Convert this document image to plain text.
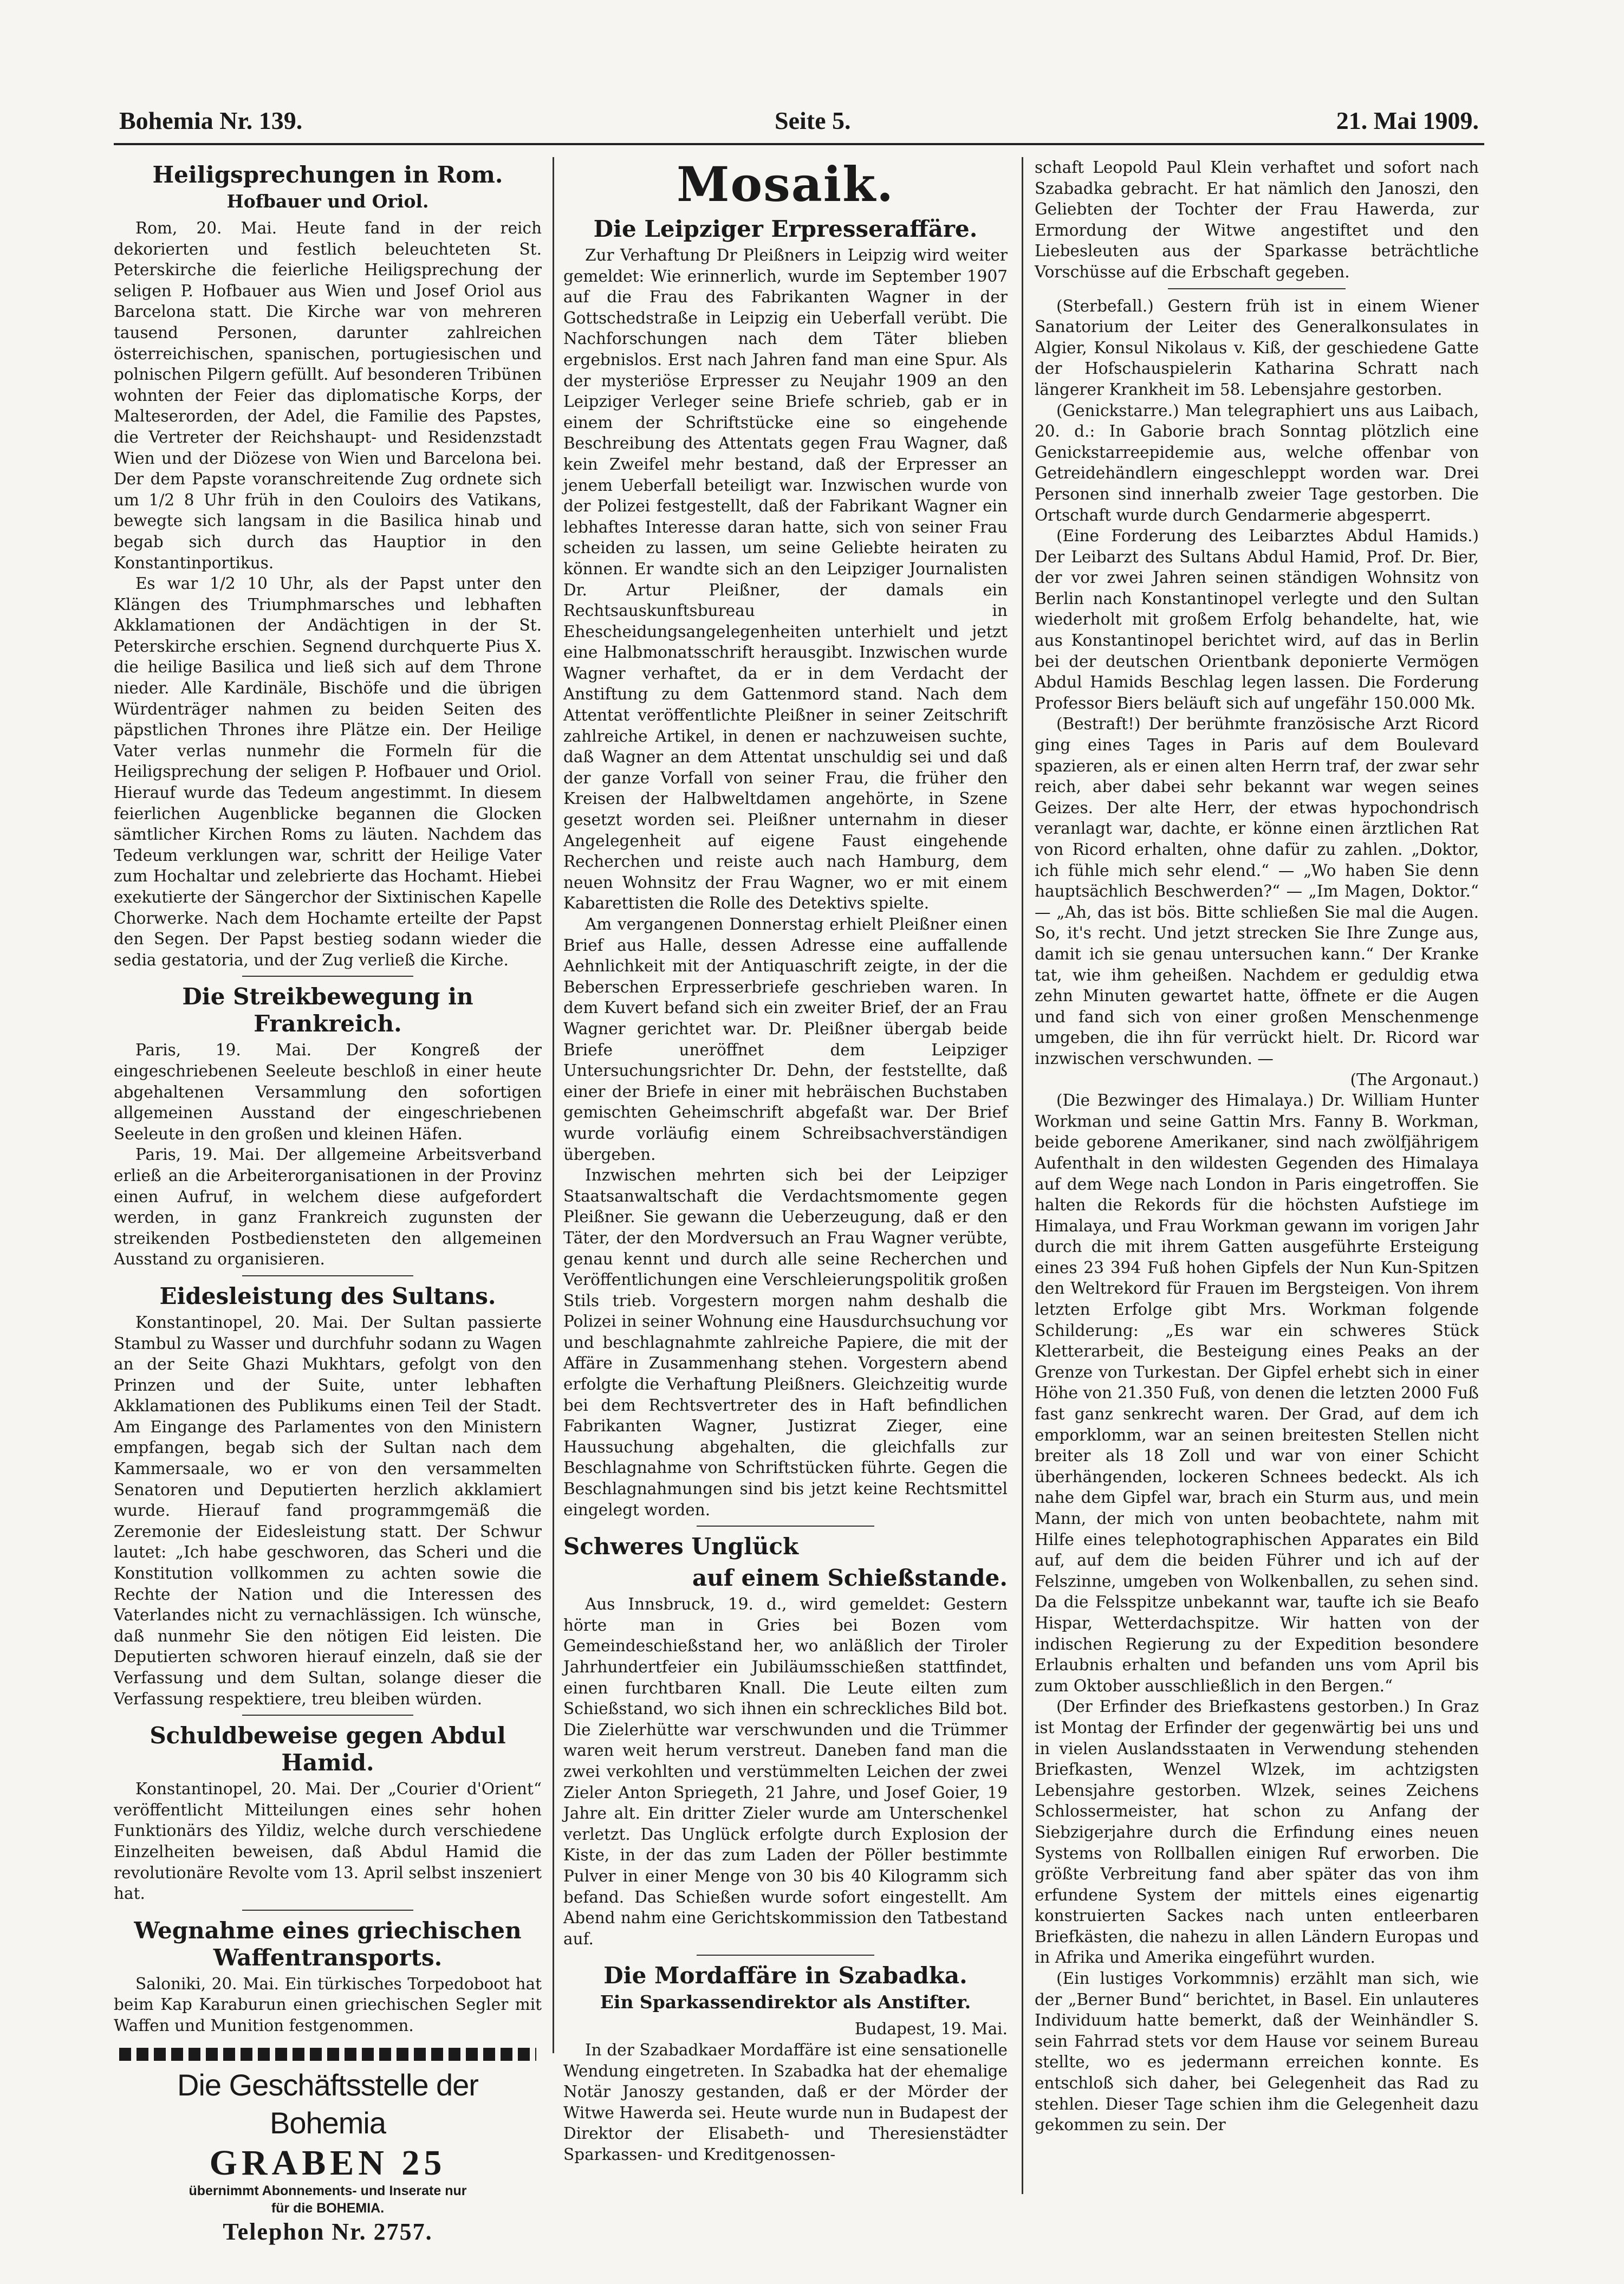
Bohemia Nr. 139.	Seite 5.	21. Mai 1909.
Heiligsprechungen in Rom.
Hofbauer und Oriol.

Rom, 20. Mai. Heute fand in der reich dekorierten und festlich beleuchteten St. Peterskirche die feierliche Heiligsprechung der seligen P. Hofbauer aus Wien und Josef Oriol aus Barcelona statt. Die Kirche war von mehreren tausend Personen, darunter zahlreichen österreichischen, spanischen, portugiesischen und polnischen Pilgern gefüllt. Auf besonderen Tribünen wohnten der Feier das diplomatische Korps, der Malteserorden, der Adel, die Familie des Papstes, die Vertreter der Reichshaupt- und Residenzstadt Wien und der Diözese von Wien und Barcelona bei. Der dem Papste voranschreitende Zug ordnete sich um 1/2 8 Uhr früh in den Couloirs des Vatikans, bewegte sich langsam in die Basilica hinab und begab sich durch das Hauptior in den Konstantinportikus.

Es war 1/2 10 Uhr, als der Papst unter den Klängen des Triumphmarsches und lebhaften Akklamationen der Andächtigen in der St. Peterskirche erschien. Segnend durchquerte Pius X. die heilige Basilica und ließ sich auf dem Throne nieder. Alle Kardinäle, Bischöfe und die übrigen Würdenträger nahmen zu beiden Seiten des päpstlichen Thrones ihre Plätze ein. Der Heilige Vater verlas nunmehr die Formeln für die Heiligsprechung der seligen P. Hofbauer und Oriol. Hierauf wurde das Tedeum angestimmt. In diesem feierlichen Augenblicke begannen die Glocken sämtlicher Kirchen Roms zu läuten. Nachdem das Tedeum verklungen war, schritt der Heilige Vater zum Hochaltar und zelebrierte das Hochamt. Hiebei exekutierte der Sängerchor der Sixtinischen Kapelle Chorwerke. Nach dem Hochamte erteilte der Papst den Segen. Der Papst bestieg sodann wieder die sedia gestatoria, und der Zug verließ die Kirche.

Die Streikbewegung in Frankreich.

Paris, 19. Mai. Der Kongreß der eingeschriebenen Seeleute beschloß in einer heute abgehaltenen Versammlung den sofortigen allgemeinen Ausstand der eingeschriebenen Seeleute in den großen und kleinen Häfen.

Paris, 19. Mai. Der allgemeine Arbeitsverband erließ an die Arbeiterorganisationen in der Provinz einen Aufruf, in welchem diese aufgefordert werden, in ganz Frankreich zugunsten der streikenden Postbediensteten den allgemeinen Ausstand zu organisieren.

Eidesleistung des Sultans.

Konstantinopel, 20. Mai. Der Sultan passierte Stambul zu Wasser und durchfuhr sodann zu Wagen an der Seite Ghazi Mukhtars, gefolgt von den Prinzen und der Suite, unter lebhaften Akklamationen des Publikums einen Teil der Stadt. Am Eingange des Parlamentes von den Ministern empfangen, begab sich der Sultan nach dem Kammersaale, wo er von den versammelten Senatoren und Deputierten herzlich akklamiert wurde. Hierauf fand programmgemäß die Zeremonie der Eidesleistung statt. Der Schwur lautet: „Ich habe geschworen, das Scheri und die Konstitution vollkommen zu achten sowie die Rechte der Nation und die Interessen des Vaterlandes nicht zu vernachlässigen. Ich wünsche, daß nunmehr Sie den nötigen Eid leisten. Die Deputierten schworen hierauf einzeln, daß sie der Verfassung und dem Sultan, solange dieser die Verfassung respektiere, treu bleiben würden.

Schuldbeweise gegen Abdul Hamid.

Konstantinopel, 20. Mai. Der „Courier d'Orient“ veröffentlicht Mitteilungen eines sehr hohen Funktionärs des Yildiz, welche durch verschiedene Einzelheiten beweisen, daß Abdul Hamid die revolutionäre Revolte vom 13. April selbst inszeniert hat.

Wegnahme eines griechischen Waffentransports.

Saloniki, 20. Mai. Ein türkisches Torpedoboot hat beim Kap Karaburun einen griechischen Segler mit Waffen und Munition festgenommen.

Die Geschäftsstelle der Bohemia
GRABEN 25
übernimmt Abonnements- und Inserate nur
für die BOHEMIA.
Telephon Nr. 2757.
Mosaik.
Die Leipziger Erpresseraffäre.

Zur Verhaftung Dr Pleißners in Leipzig wird weiter gemeldet: Wie erinnerlich, wurde im September 1907 auf die Frau des Fabrikanten Wagner in der Gottschedstraße in Leipzig ein Ueberfall verübt. Die Nachforschungen nach dem Täter blieben ergebnislos. Erst nach Jahren fand man eine Spur. Als der mysteriöse Erpresser zu Neujahr 1909 an den Leipziger Verleger seine Briefe schrieb, gab er in einem der Schriftstücke eine so eingehende Beschreibung des Attentats gegen Frau Wagner, daß kein Zweifel mehr bestand, daß der Erpresser an jenem Ueberfall beteiligt war. Inzwischen wurde von der Polizei festgestellt, daß der Fabrikant Wagner ein lebhaftes Interesse daran hatte, sich von seiner Frau scheiden zu lassen, um seine Geliebte heiraten zu können. Er wandte sich an den Leipziger Journalisten Dr. Artur Pleißner, der damals ein Rechtsauskunftsbureau in Ehescheidungsangelegenheiten unterhielt und jetzt eine Halbmonatsschrift herausgibt. Inzwischen wurde Wagner verhaftet, da er in dem Verdacht der Anstiftung zu dem Gattenmord stand. Nach dem Attentat veröffentlichte Pleißner in seiner Zeitschrift zahlreiche Artikel, in denen er nachzuweisen suchte, daß Wagner an dem Attentat unschuldig sei und daß der ganze Vorfall von seiner Frau, die früher den Kreisen der Halbweltdamen angehörte, in Szene gesetzt worden sei. Pleißner unternahm in dieser Angelegenheit auf eigene Faust eingehende Recherchen und reiste auch nach Hamburg, dem neuen Wohnsitz der Frau Wagner, wo er mit einem Kabarettisten die Rolle des Detektivs spielte.

Am vergangenen Donnerstag erhielt Pleißner einen Brief aus Halle, dessen Adresse eine auffallende Aehnlichkeit mit der Antiquaschrift zeigte, in der die Beberschen Erpresserbriefe geschrieben waren. In dem Kuvert befand sich ein zweiter Brief, der an Frau Wagner gerichtet war. Dr. Pleißner übergab beide Briefe uneröffnet dem Leipziger Untersuchungsrichter Dr. Dehn, der feststellte, daß einer der Briefe in einer mit hebräischen Buchstaben gemischten Geheimschrift abgefaßt war. Der Brief wurde vorläufig einem Schreibsachverständigen übergeben.

Inzwischen mehrten sich bei der Leipziger Staatsanwaltschaft die Verdachtsmomente gegen Pleißner. Sie gewann die Ueberzeugung, daß er den Täter, der den Mordversuch an Frau Wagner verübte, genau kennt und durch alle seine Recherchen und Veröffentlichungen eine Verschleierungspolitik großen Stils trieb. Vorgestern morgen nahm deshalb die Polizei in seiner Wohnung eine Hausdurchsuchung vor und beschlagnahmte zahlreiche Papiere, die mit der Affäre in Zusammenhang stehen. Vorgestern abend erfolgte die Verhaftung Pleißners. Gleichzeitig wurde bei dem Rechtsvertreter des in Haft befindlichen Fabrikanten Wagner, Justizrat Zieger, eine Haussuchung abgehalten, die gleichfalls zur Beschlagnahme von Schriftstücken führte. Gegen die Beschlagnahmungen sind bis jetzt keine Rechtsmittel eingelegt worden.

Schweres Unglück
auf einem Schießstande.

Aus Innsbruck, 19. d., wird gemeldet: Gestern hörte man in Gries bei Bozen vom Gemeindeschießstand her, wo anläßlich der Tiroler Jahrhundertfeier ein Jubiläumsschießen stattfindet, einen furchtbaren Knall. Die Leute eilten zum Schießstand, wo sich ihnen ein schreckliches Bild bot. Die Zielerhütte war verschwunden und die Trümmer waren weit herum verstreut. Daneben fand man die zwei verkohlten und verstümmelten Leichen der zwei Zieler Anton Spriegeth, 21 Jahre, und Josef Goier, 19 Jahre alt. Ein dritter Zieler wurde am Unterschenkel verletzt. Das Unglück erfolgte durch Explosion der Kiste, in der das zum Laden der Pöller bestimmte Pulver in einer Menge von 30 bis 40 Kilogramm sich befand. Das Schießen wurde sofort eingestellt. Am Abend nahm eine Gerichtskommission den Tatbestand auf.

Die Mordaffäre in Szabadka.
Ein Sparkassendirektor als Anstifter.
Budapest, 19. Mai.

In der Szabadkaer Mordaffäre ist eine sensationelle Wendung eingetreten. In Szabadka hat der ehemalige Notär Janoszy gestanden, daß er der Mörder der Witwe Hawerda sei. Heute wurde nun in Budapest der Direktor der Elisabeth- und Theresienstädter Sparkassen- und Kreditgenossen-

schaft Leopold Paul Klein verhaftet und sofort nach Szabadka gebracht. Er hat nämlich den Janoszi, den Geliebten der Tochter der Frau Hawerda, zur Ermordung der Witwe angestiftet und den Liebesleuten aus der Sparkasse beträchtliche Vorschüsse auf die Erbschaft gegeben.

(Sterbefall.) Gestern früh ist in einem Wiener Sanatorium der Leiter des Generalkonsulates in Algier, Konsul Nikolaus v. Kiß, der geschiedene Gatte der Hofschauspielerin Katharina Schratt nach längerer Krankheit im 58. Lebensjahre gestorben.

(Genickstarre.) Man telegraphiert uns aus Laibach, 20. d.: In Gaborie brach Sonntag plötzlich eine Genickstarreepidemie aus, welche offenbar von Getreidehändlern eingeschleppt worden war. Drei Personen sind innerhalb zweier Tage gestorben. Die Ortschaft wurde durch Gendarmerie abgesperrt.

(Eine Forderung des Leibarztes Abdul Hamids.) Der Leibarzt des Sultans Abdul Hamid, Prof. Dr. Bier, der vor zwei Jahren seinen ständigen Wohnsitz von Berlin nach Konstantinopel verlegte und den Sultan wiederholt mit großem Erfolg behandelte, hat, wie aus Konstantinopel berichtet wird, auf das in Berlin bei der deutschen Orientbank deponierte Vermögen Abdul Hamids Beschlag legen lassen. Die Forderung Professor Biers beläuft sich auf ungefähr 150.000 Mk.

(Bestraft!) Der berühmte französische Arzt Ricord ging eines Tages in Paris auf dem Boulevard spazieren, als er einen alten Herrn traf, der zwar sehr reich, aber dabei sehr bekannt war wegen seines Geizes. Der alte Herr, der etwas hypochondrisch veranlagt war, dachte, er könne einen ärztlichen Rat von Ricord erhalten, ohne dafür zu zahlen. „Doktor, ich fühle mich sehr elend.“ — „Wo haben Sie denn hauptsächlich Beschwerden?“ — „Im Magen, Doktor.“ — „Ah, das ist bös. Bitte schließen Sie mal die Augen. So, it's recht. Und jetzt strecken Sie Ihre Zunge aus, damit ich sie genau untersuchen kann.“ Der Kranke tat, wie ihm geheißen. Nachdem er geduldig etwa zehn Minuten gewartet hatte, öffnete er die Augen und fand sich von einer großen Menschenmenge umgeben, die ihn für verrückt hielt. Dr. Ricord war inzwischen verschwunden. —

(The Argonaut.)

(Die Bezwinger des Himalaya.) Dr. William Hunter Workman und seine Gattin Mrs. Fanny B. Workman, beide geborene Amerikaner, sind nach zwölfjährigem Aufenthalt in den wildesten Gegenden des Himalaya auf dem Wege nach London in Paris eingetroffen. Sie halten die Rekords für die höchsten Aufstiege im Himalaya, und Frau Workman gewann im vorigen Jahr durch die mit ihrem Gatten ausgeführte Ersteigung eines 23 394 Fuß hohen Gipfels der Nun Kun-Spitzen den Weltrekord für Frauen im Bergsteigen. Von ihrem letzten Erfolge gibt Mrs. Workman folgende Schilderung: „Es war ein schweres Stück Kletterarbeit, die Besteigung eines Peaks an der Grenze von Turkestan. Der Gipfel erhebt sich in einer Höhe von 21.350 Fuß, von denen die letzten 2000 Fuß fast ganz senkrecht waren. Der Grad, auf dem ich emporklomm, war an seinen breitesten Stellen nicht breiter als 18 Zoll und war von einer Schicht überhängenden, lockeren Schnees bedeckt. Als ich nahe dem Gipfel war, brach ein Sturm aus, und mein Mann, der mich von unten beobachtete, nahm mit Hilfe eines telephotographischen Apparates ein Bild auf, auf dem die beiden Führer und ich auf der Felszinne, umgeben von Wolkenballen, zu sehen sind. Da die Felsspitze unbekannt war, taufte ich sie Beafo Hispar, Wetterdachspitze. Wir hatten von der indischen Regierung zu der Expedition besondere Erlaubnis erhalten und befanden uns vom April bis zum Oktober ausschließlich in den Bergen.“

(Der Erfinder des Briefkastens gestorben.) In Graz ist Montag der Erfinder der gegenwärtig bei uns und in vielen Auslandsstaaten in Verwendung stehenden Briefkasten, Wenzel Wlzek, im achtzigsten Lebensjahre gestorben. Wlzek, seines Zeichens Schlossermeister, hat schon zu Anfang der Siebzigerjahre durch die Erfindung eines neuen Systems von Rollballen einigen Ruf erworben. Die größte Verbreitung fand aber später das von ihm erfundene System der mittels eines eigenartig konstruierten Sackes nach unten entleerbaren Briefkästen, die nahezu in allen Ländern Europas und in Afrika und Amerika eingeführt wurden.

(Ein lustiges Vorkommnis) erzählt man sich, wie der „Berner Bund“ berichtet, in Basel. Ein unlauteres Individuum hatte bemerkt, daß der Weinhändler S. sein Fahrrad stets vor dem Hause vor seinem Bureau stellte, wo es jedermann erreichen konnte. Es entschloß sich daher, bei Gelegenheit das Rad zu stehlen. Dieser Tage schien ihm die Gelegenheit dazu gekommen zu sein. Der
